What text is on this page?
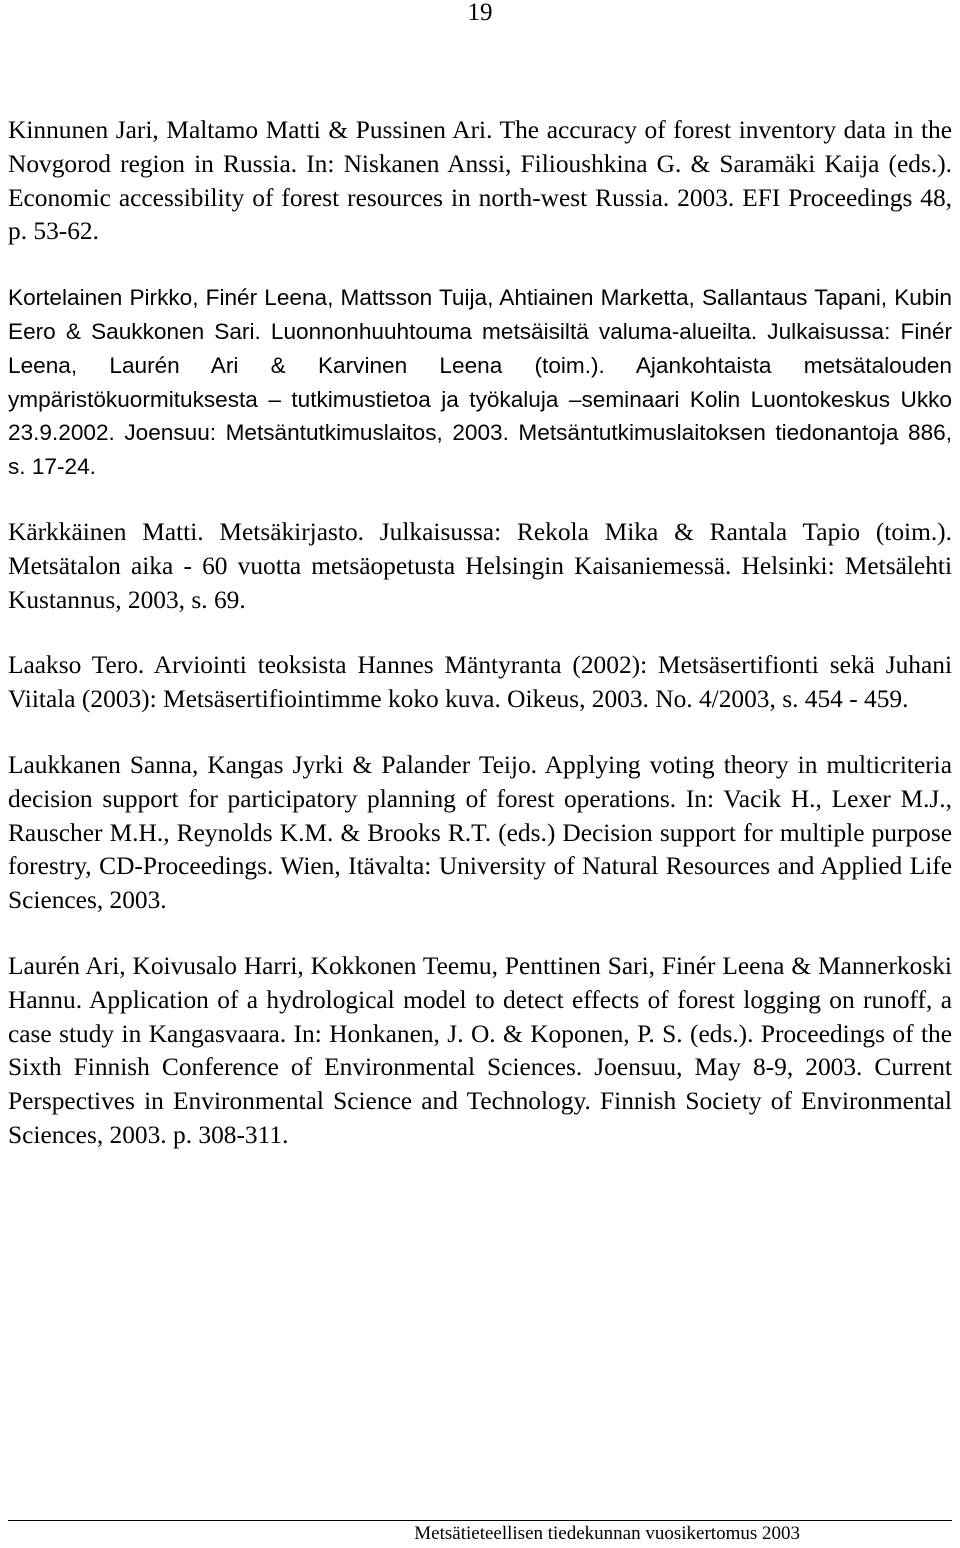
19

Kinnunen Jari, Maltamo Matti & Pussinen Ari. The accuracy of forest inventory data in the Novgorod region in Russia. In: Niskanen Anssi, Filioushkina G. & Saramäki Kaija (eds.). Economic accessibility of forest resources in north-west Russia. 2003. EFI Proceedings 48, p. 53-62.

Kortelainen Pirkko, Finér Leena, Mattsson Tuija, Ahtiainen Marketta, Sallantaus Tapani, Kubin Eero & Saukkonen Sari. Luonnonhuuhtouma metsäisiltä valuma-alueilta. Julkaisussa: Finér Leena, Laurén Ari & Karvinen Leena (toim.). Ajankohtaista metsätalouden ympäristökuormituksesta – tutkimustietoa ja työkaluja –seminaari Kolin Luontokeskus Ukko 23.9.2002. Joensuu: Metsäntutkimuslaitos, 2003. Metsäntutkimuslaitoksen tiedonantoja 886, s. 17-24.

Kärkkäinen Matti. Metsäkirjasto. Julkaisussa: Rekola Mika & Rantala Tapio (toim.). Metsätalon aika - 60 vuotta metsäopetusta Helsingin Kaisaniemessä. Helsinki: Metsälehti Kustannus, 2003, s. 69.

Laakso Tero. Arviointi teoksista Hannes Mäntyranta (2002): Metsäsertifionti sekä Juhani Viitala (2003): Metsäsertifiointimme koko kuva. Oikeus, 2003. No. 4/2003, s. 454 - 459.

Laukkanen Sanna, Kangas Jyrki & Palander Teijo. Applying voting theory in multicriteria decision support for participatory planning of forest operations. In: Vacik H., Lexer M.J., Rauscher M.H., Reynolds K.M. & Brooks R.T. (eds.) Decision support for multiple purpose forestry, CD-Proceedings. Wien, Itävalta: University of Natural Resources and Applied Life Sciences, 2003.

Laurén Ari, Koivusalo Harri, Kokkonen Teemu, Penttinen Sari, Finér Leena & Mannerkoski Hannu. Application of a hydrological model to detect effects of forest logging on runoff, a case study in Kangasvaara. In: Honkanen, J. O. & Koponen, P. S. (eds.). Proceedings of the Sixth Finnish Conference of Environmental Sciences. Joensuu, May 8-9, 2003. Current Perspectives in Environmental Science and Technology. Finnish Society of Environmental Sciences, 2003. p. 308-311.

Metsätieteellisen tiedekunnan vuosikertomus 2003
